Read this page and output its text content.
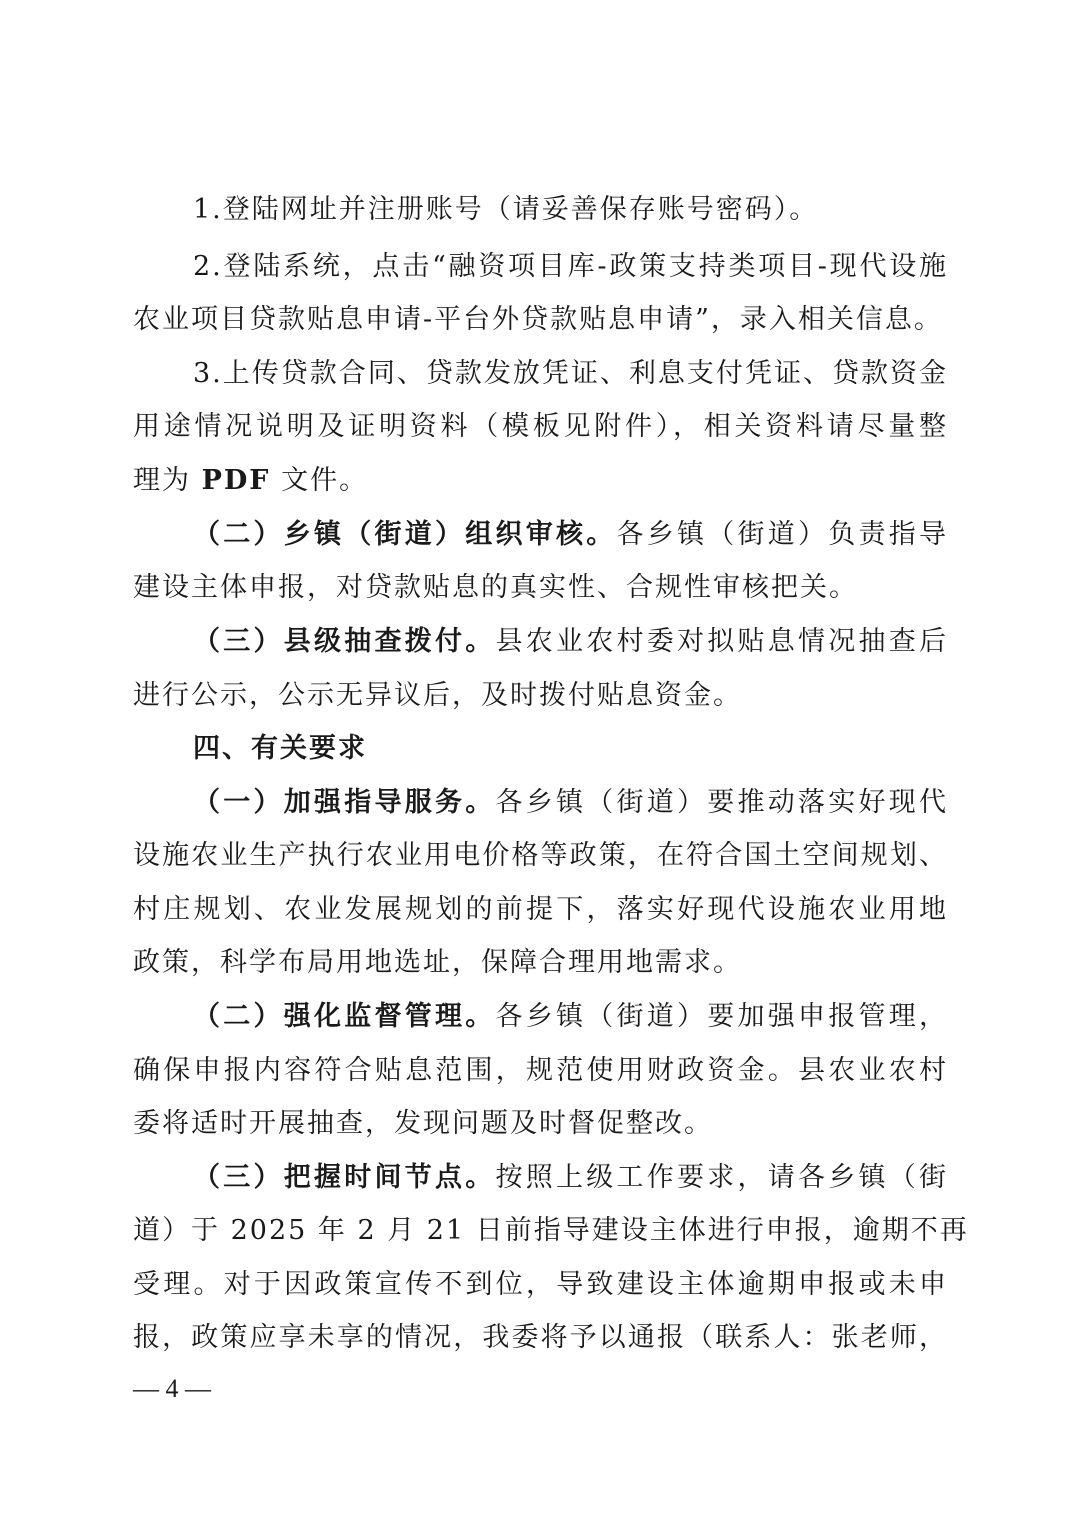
1.登陆网址并注册账号（请妥善保存账号密码）。
2.登陆系统，点击“融资项目库-政策支持类项目-现代设施
农业项目贷款贴息申请-平台外贷款贴息申请”，录入相关信息。
3.上传贷款合同、贷款发放凭证、利息支付凭证、贷款资金
用途情况说明及证明资料（模板见附件），相关资料请尽量整
理为 PDF 文件。
（二）乡镇（街道）组织审核。各乡镇（街道）负责指导
建设主体申报，对贷款贴息的真实性、合规性审核把关。
（三）县级抽查拨付。县农业农村委对拟贴息情况抽查后
进行公示，公示无异议后，及时拨付贴息资金。
四、有关要求
（一）加强指导服务。各乡镇（街道）要推动落实好现代
设施农业生产执行农业用电价格等政策，在符合国土空间规划、
村庄规划、农业发展规划的前提下，落实好现代设施农业用地
政策，科学布局用地选址，保障合理用地需求。
（二）强化监督管理。各乡镇（街道）要加强申报管理，
确保申报内容符合贴息范围，规范使用财政资金。县农业农村
委将适时开展抽查，发现问题及时督促整改。
（三）把握时间节点。按照上级工作要求，请各乡镇（街
道）于 2025 年 2 月 21 日前指导建设主体进行申报，逾期不再
受理。对于因政策宣传不到位，导致建设主体逾期申报或未申
报，政策应享未享的情况，我委将予以通报（联系人：张老师，
— 4 —
